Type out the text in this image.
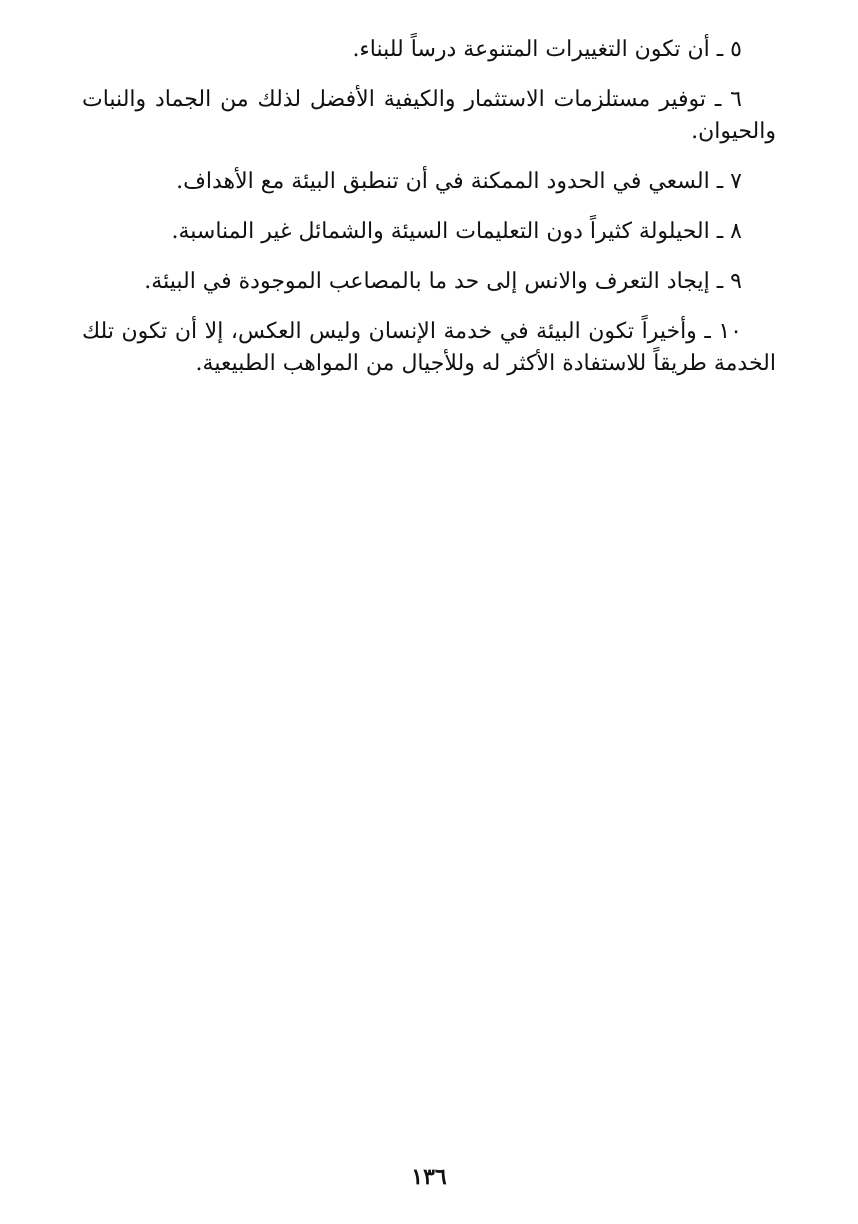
٥ ـ أن تكون التغييرات المتنوعة درساً للبناء.

٦ ـ توفير مستلزمات الاستثمار والكيفية الأفضل لذلك من الجماد والنبات والحيوان.

٧ ـ السعي في الحدود الممكنة في أن تنطبق البيئة مع الأهداف.

٨ ـ الحيلولة كثيراً دون التعليمات السيئة والشمائل غير المناسبة.

٩ ـ إيجاد التعرف والانس إلى حد ما بالمصاعب الموجودة في البيئة.

١٠ ـ وأخيراً تكون البيئة في خدمة الإنسان وليس العكس، إلا أن تكون تلك الخدمة طريقاً للاستفادة الأكثر له وللأجيال من المواهب الطبيعية.

١٣٦
